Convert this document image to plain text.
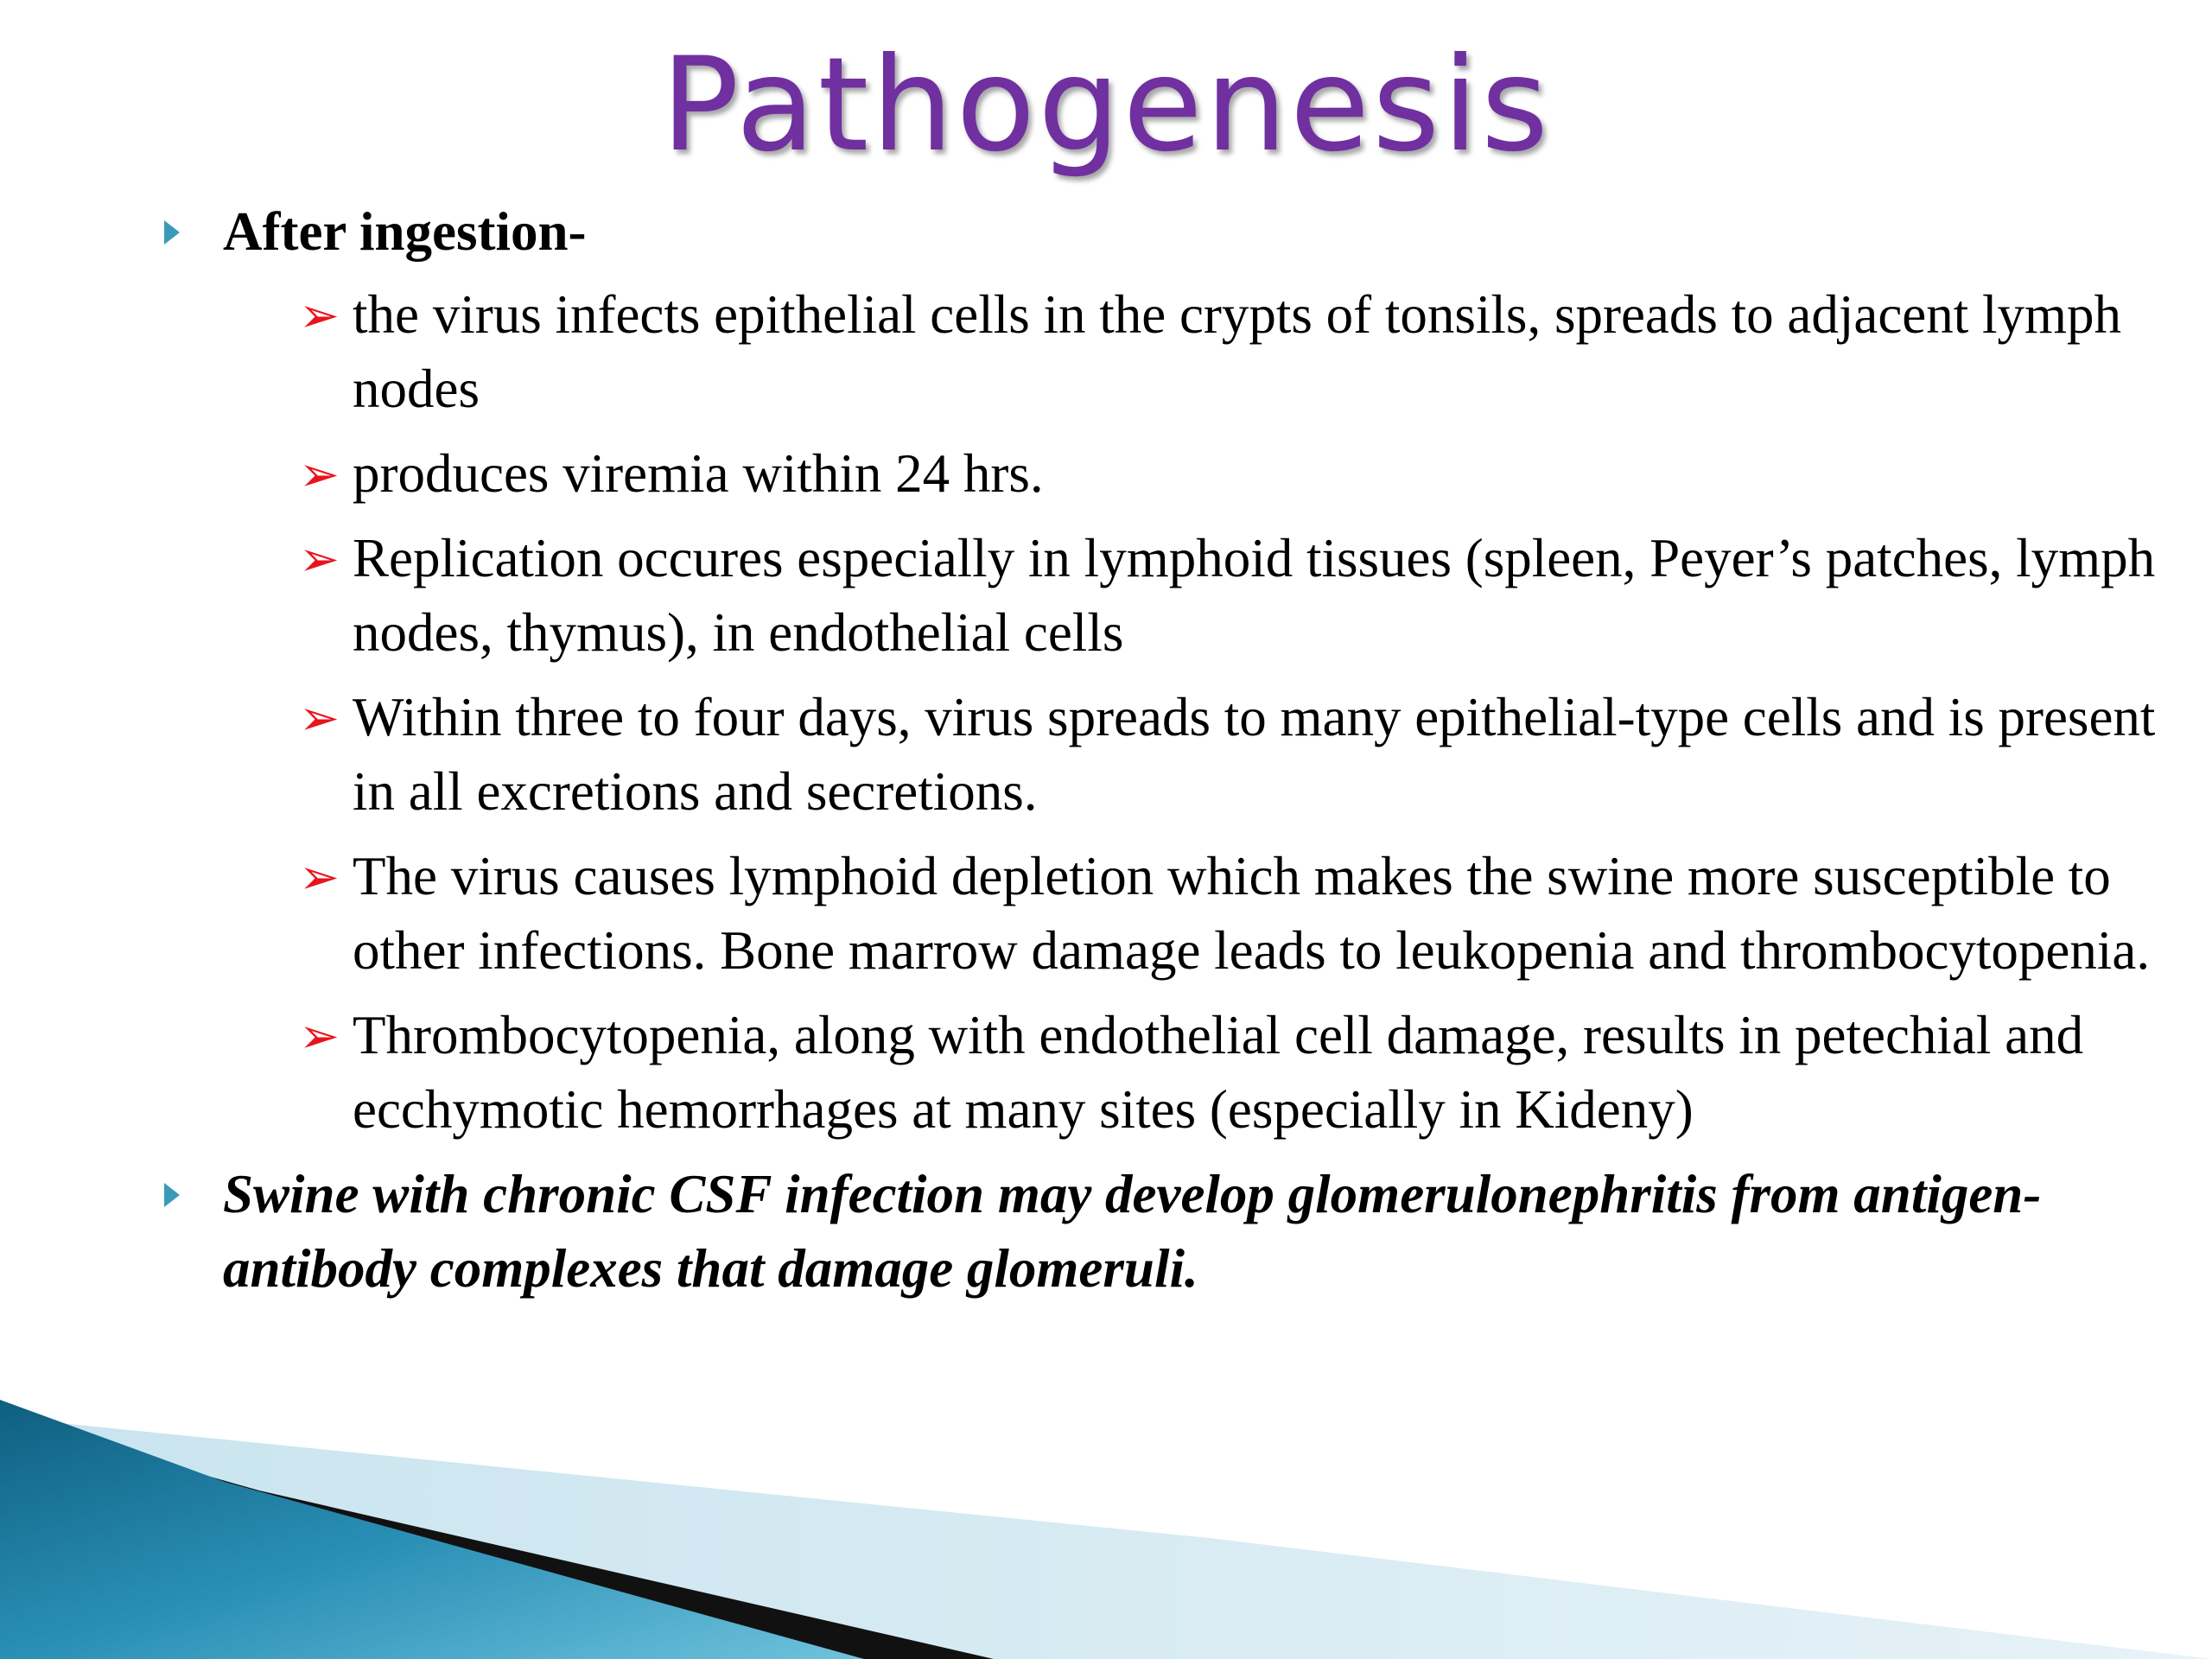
Pathogenesis
After ingestion-
➢ the virus infects epithelial cells in the crypts of tonsils, spreads to adjacent lymph nodes
➢ produces viremia within 24 hrs.
➢ Replication occures especially in lymphoid tissues (spleen, Peyer’s patches, lymph nodes, thymus), in endothelial cells
➢ Within three to four days, virus spreads to many epithelial-type cells and is present in all excretions and secretions.
➢ The virus causes lymphoid depletion which makes the swine more susceptible to other infections. Bone marrow damage leads to leukopenia and thrombocytopenia.
➢ Thrombocytopenia, along with endothelial cell damage, results in petechial and ecchymotic hemorrhages at many sites (especially in Kideny)
Swine with chronic CSF infection may develop glomerulonephritis from antigen-antibody complexes that damage glomeruli.
